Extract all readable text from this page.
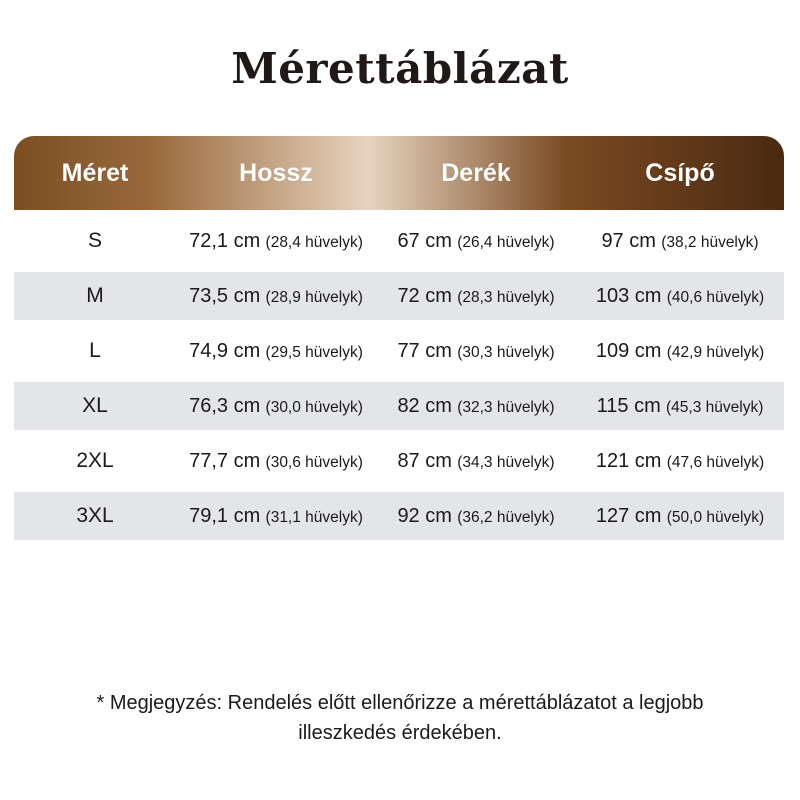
Mérettáblázat
Méret	Hossz	Derék	Csípő
S	72,1 cm (28,4 hüvelyk)	67 cm (26,4 hüvelyk)	97 cm (38,2 hüvelyk)
M	73,5 cm (28,9 hüvelyk)	72 cm (28,3 hüvelyk)	103 cm (40,6 hüvelyk)
L	74,9 cm (29,5 hüvelyk)	77 cm (30,3 hüvelyk)	109 cm (42,9 hüvelyk)
XL	76,3 cm (30,0 hüvelyk)	82 cm (32,3 hüvelyk)	115 cm (45,3 hüvelyk)
2XL	77,7 cm (30,6 hüvelyk)	87 cm (34,3 hüvelyk)	121 cm (47,6 hüvelyk)
3XL	79,1 cm (31,1 hüvelyk)	92 cm (36,2 hüvelyk)	127 cm (50,0 hüvelyk)
* Megjegyzés: Rendelés előtt ellenőrizze a mérettáblázatot a legjobb
illeszkedés érdekében.
